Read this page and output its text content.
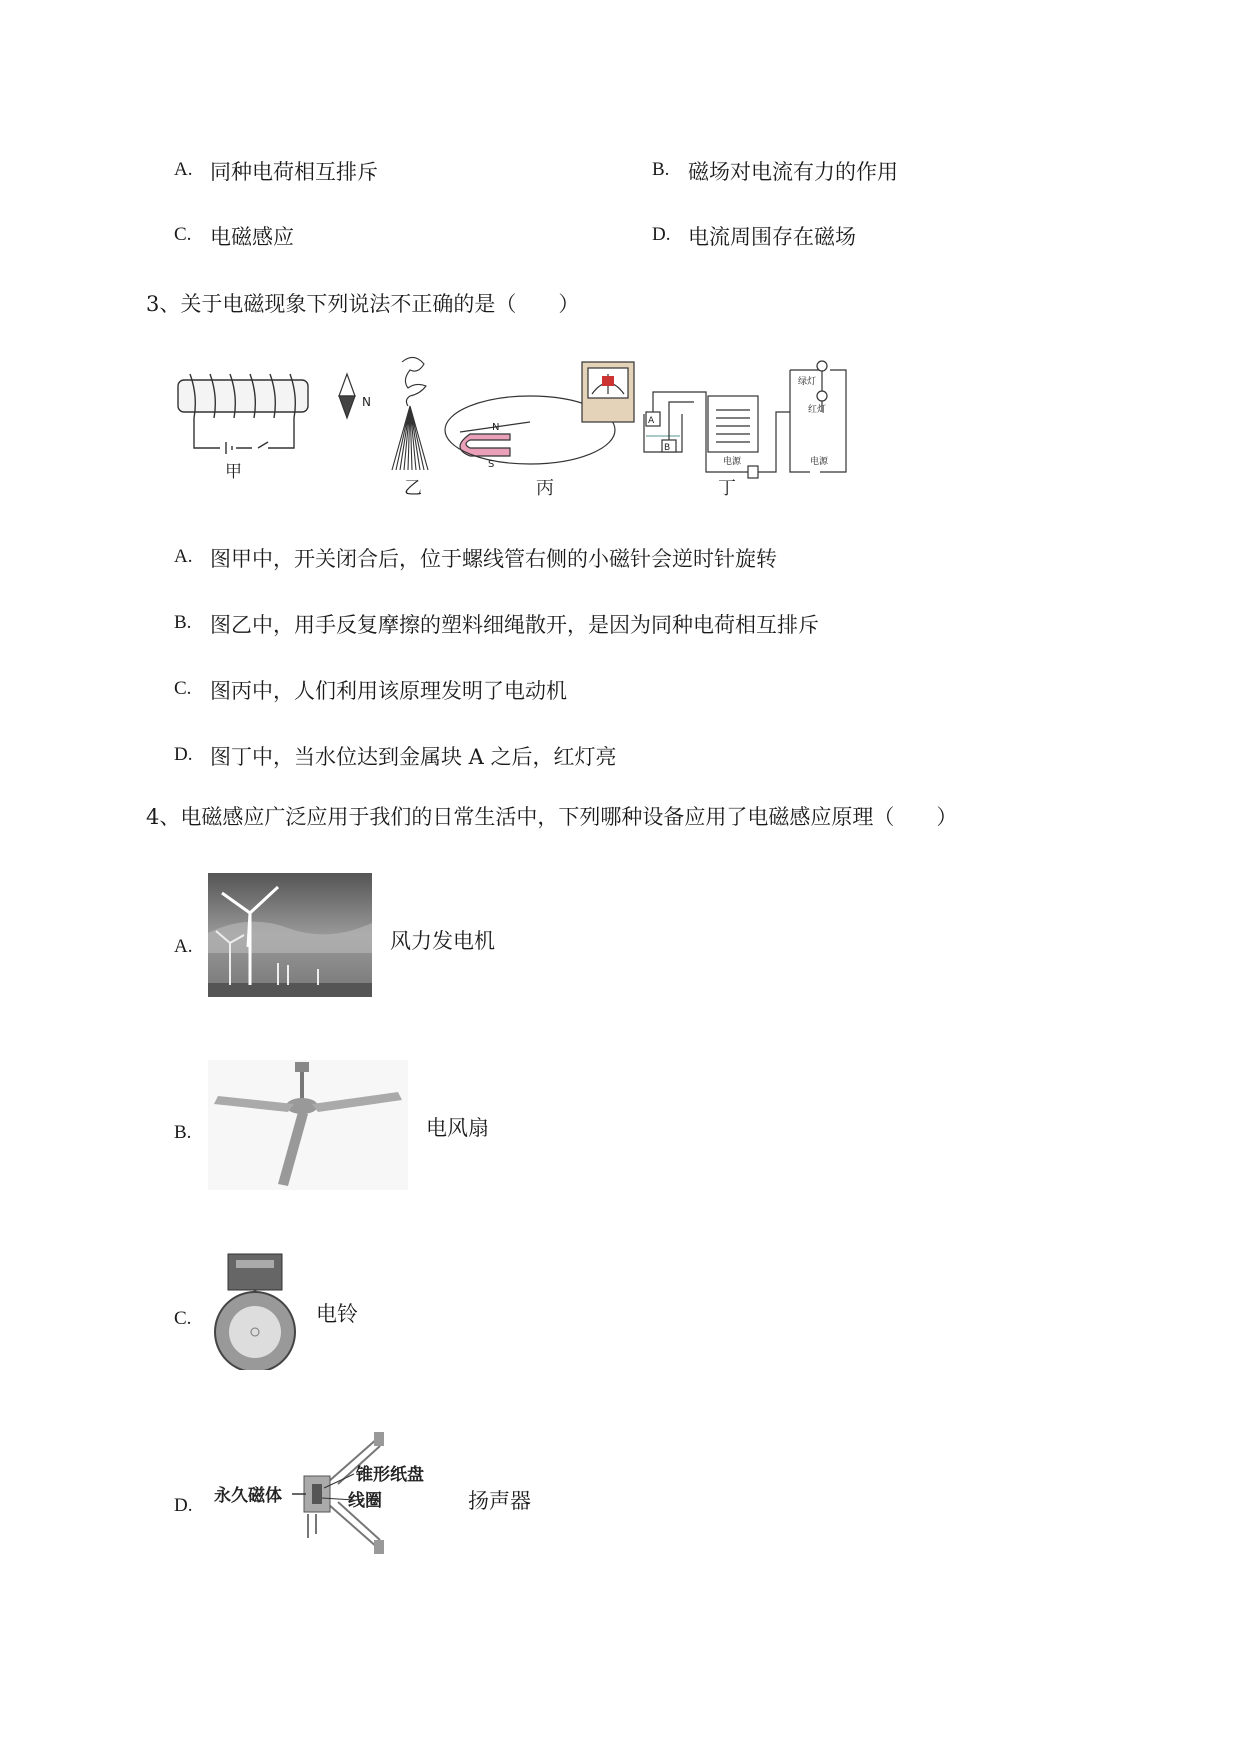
A. 同种电荷相互排斥	B. 磁场对电流有力的作用
C. 电磁感应	D. 电流周围存在磁场
3、关于电磁现象下列说法不正确的是（　　）
甲
N
乙
N
S
丙
A
B
绿灯
红灯
电源	电源
丁
A. 图甲中，开关闭合后，位于螺线管右侧的小磁针会逆时针旋转
B. 图乙中，用手反复摩擦的塑料细绳散开，是因为同种电荷相互排斥
C. 图丙中，人们利用该原理发明了电动机
D. 图丁中，当水位达到金属块 A 之后，红灯亮
4、电磁感应广泛应用于我们的日常生活中，下列哪种设备应用了电磁感应原理（　　）
A.	风力发电机
B.	电风扇
C.	电铃
D. 永久磁体
锥形纸盘
线圈	扬声器
